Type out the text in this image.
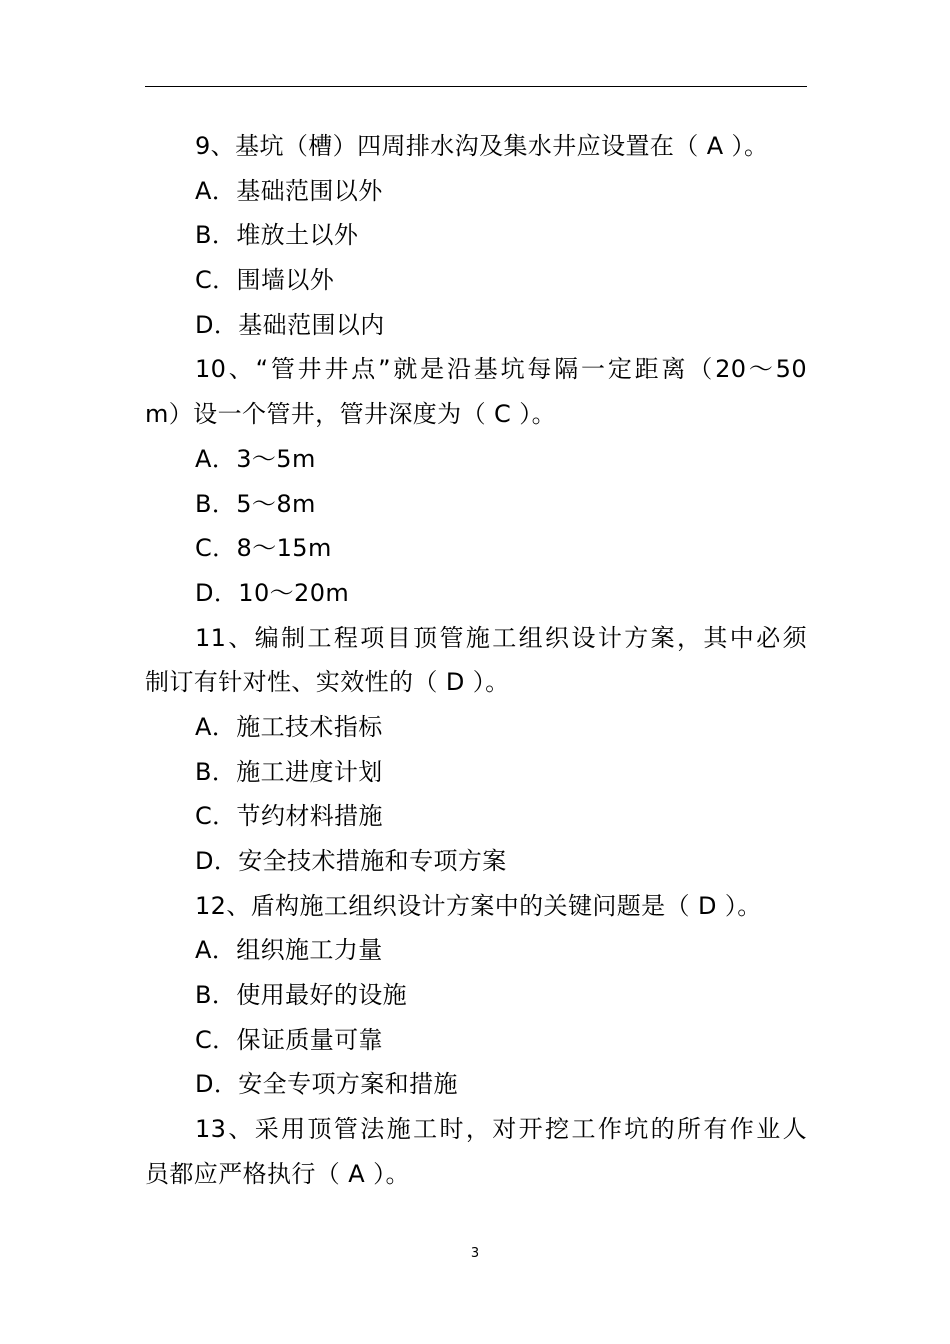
9、基坑（槽）四周排水沟及集水井应设置在（ A ）。
A．基础范围以外
B．堆放土以外
C．围墙以外
D．基础范围以内
10、“管井井点”就是沿基坑每隔一定距离（20～50
m）设一个管井，管井深度为（ C ）。
A．3～5m
B．5～8m
C．8～15m
D．10～20m
11、编制工程项目顶管施工组织设计方案，其中必须
制订有针对性、实效性的（ D ）。
A．施工技术指标
B．施工进度计划
C．节约材料措施
D．安全技术措施和专项方案
12、盾构施工组织设计方案中的关键问题是（ D ）。
A．组织施工力量
B．使用最好的设施
C．保证质量可靠
D．安全专项方案和措施
13、采用顶管法施工时，对开挖工作坑的所有作业人
员都应严格执行（ A ）。
3
